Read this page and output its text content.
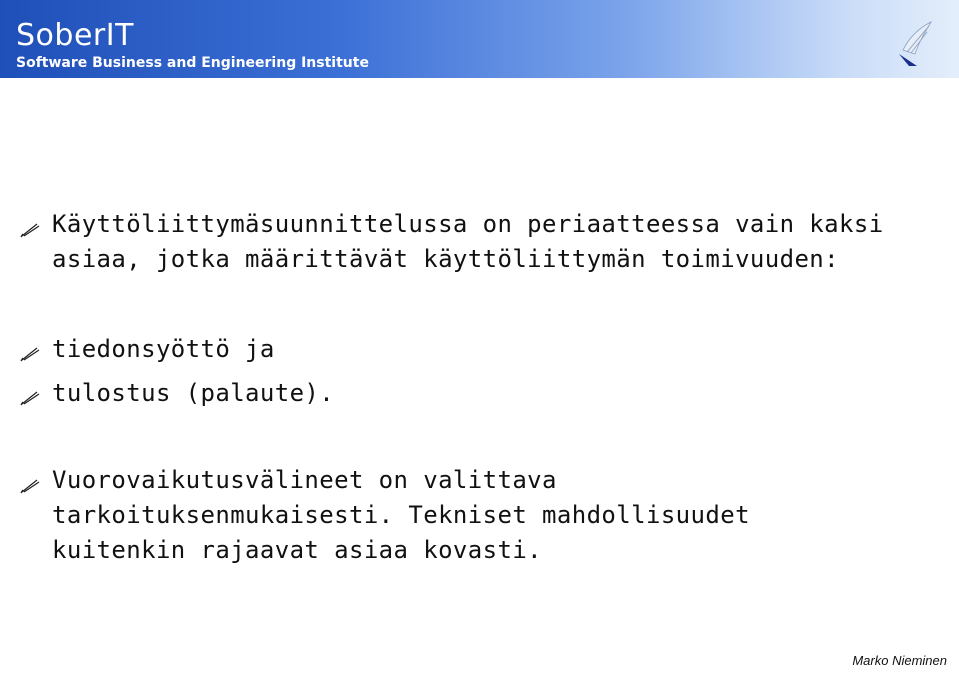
SoberIT
Software Business and Engineering Institute
Käyttöliittymäsuunnittelussa on periaatteessa vain kaksi
asiaa, jotka määrittävät käyttöliittymän toimivuuden:
tiedonsyöttö ja
tulostus (palaute).
Vuorovaikutusvälineet on valittava
tarkoituksenmukaisesti. Tekniset mahdollisuudet
kuitenkin rajaavat asiaa kovasti.
Marko Nieminen
